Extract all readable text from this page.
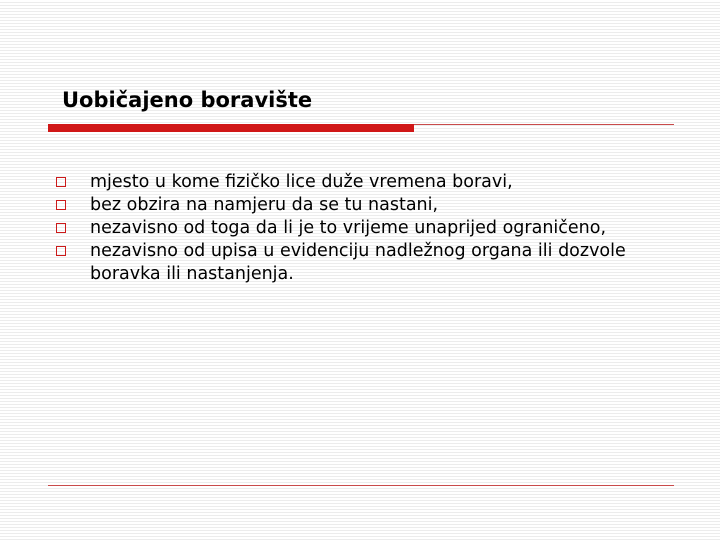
Uobičajeno boravište
mjesto u kome fizičko lice duže vremena boravi,
bez obzira na namjeru da se tu nastani,
nezavisno od toga da li je to vrijeme unaprijed ograničeno,
nezavisno od upisa u evidenciju nadležnog organa ili dozvole boravka ili nastanjenja.
